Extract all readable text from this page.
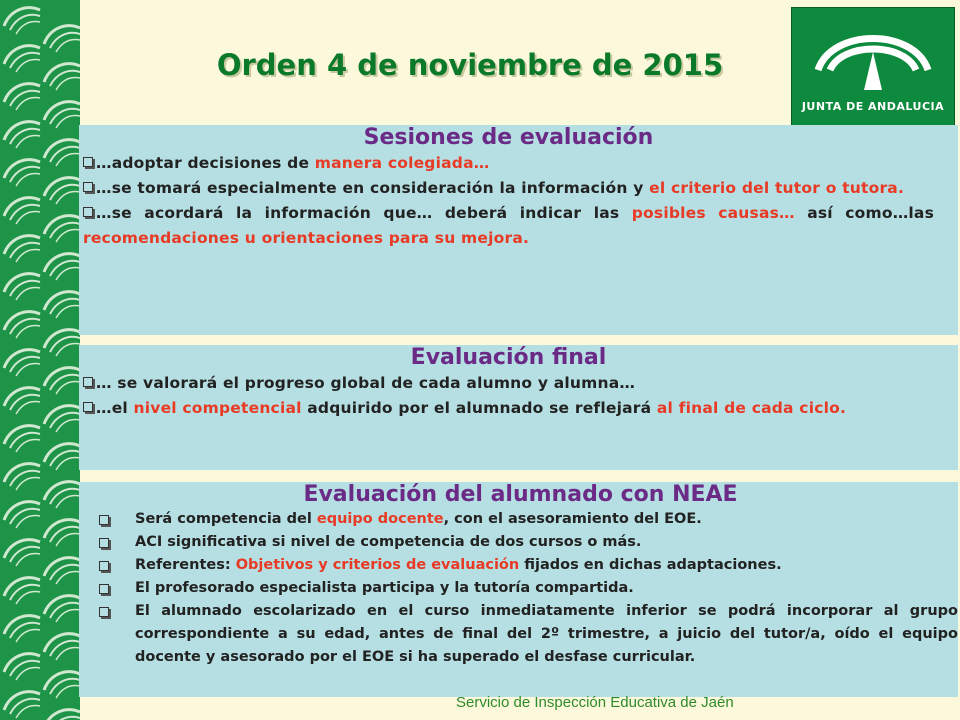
Orden 4 de noviembre de 2015
JUNTA DE ANDALUCIA
Sesiones de evaluación

…adoptar decisiones de manera colegiada…

…se tomará especialmente en consideración la información y el criterio del tutor o tutora.

…se acordará la información que… deberá indicar las posibles causas… así como…las recomendaciones u orientaciones para su mejora.

Evaluación final

… se valorará el progreso global de cada alumno y alumna…

…el nivel competencial adquirido por el alumnado se reflejará al final de cada ciclo.

Evaluación del alumnado con NEAE

Será competencia del equipo docente, con el asesoramiento del EOE.

ACI significativa si nivel de competencia de dos cursos o más.

Referentes: Objetivos y criterios de evaluación fijados en dichas adaptaciones.

El profesorado especialista participa y la tutoría compartida.

El alumnado escolarizado en el curso inmediatamente inferior se podrá incorporar al grupo correspondiente a su edad, antes de final del 2º trimestre, a juicio del tutor/a, oído el equipo docente y asesorado por el EOE si ha superado el desfase curricular.

Servicio de Inspección Educativa de Jaén
